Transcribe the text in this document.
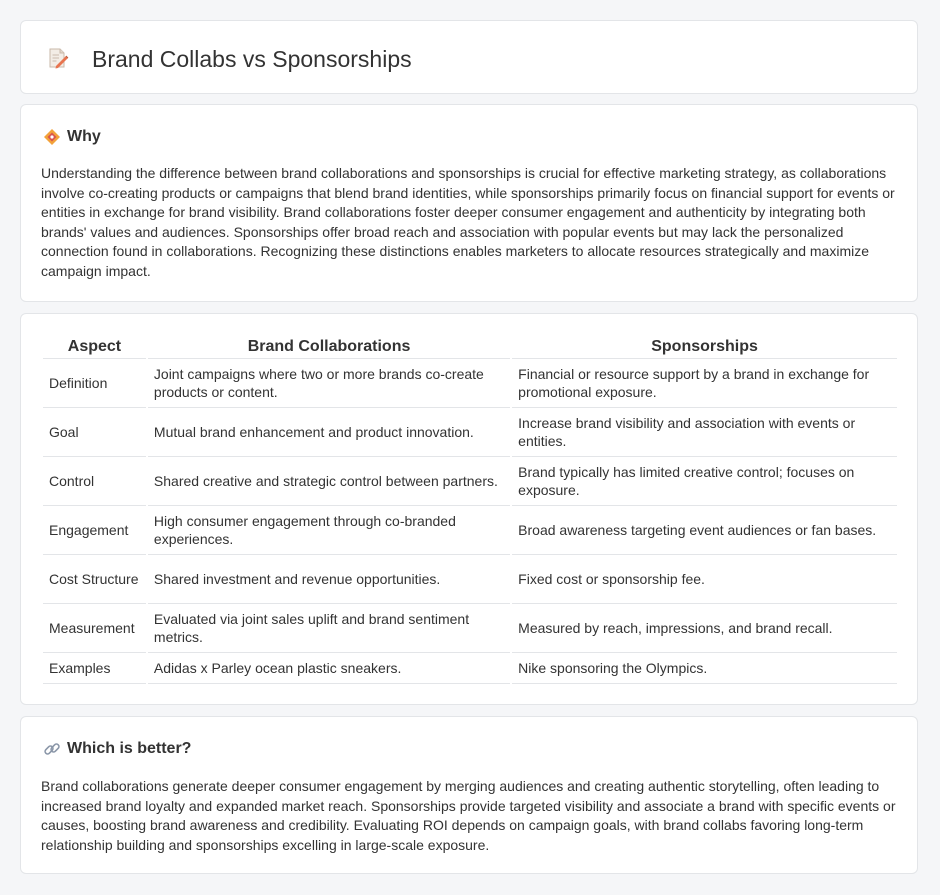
Brand Collabs vs Sponsorships
Why

Understanding the difference between brand collaborations and sponsorships is crucial for effective marketing strategy, as collaborations involve co-creating products or campaigns that blend brand identities, while sponsorships primarily focus on financial support for events or entities in exchange for brand visibility. Brand collaborations foster deeper consumer engagement and authenticity by integrating both brands' values and audiences. Sponsorships offer broad reach and association with popular events but may lack the personalized connection found in collaborations. Recognizing these distinctions enables marketers to allocate resources strategically and maximize campaign impact.

Aspect	Brand Collaborations	Sponsorships
Definition	Joint campaigns where two or more brands co-create products or content.	Financial or resource support by a brand in exchange for promotional exposure.
Goal	Mutual brand enhancement and product innovation.	Increase brand visibility and association with events or entities.
Control	Shared creative and strategic control between partners.	Brand typically has limited creative control; focuses on exposure.
Engagement	High consumer engagement through co-branded experiences.	Broad awareness targeting event audiences or fan bases.
Cost Structure	Shared investment and revenue opportunities.	Fixed cost or sponsorship fee.
Measurement	Evaluated via joint sales uplift and brand sentiment metrics.	Measured by reach, impressions, and brand recall.
Examples	Adidas x Parley ocean plastic sneakers.	Nike sponsoring the Olympics.
Which is better?

Brand collaborations generate deeper consumer engagement by merging audiences and creating authentic storytelling, often leading to increased brand loyalty and expanded market reach. Sponsorships provide targeted visibility and associate a brand with specific events or causes, boosting brand awareness and credibility. Evaluating ROI depends on campaign goals, with brand collabs favoring long-term relationship building and sponsorships excelling in large-scale exposure.
